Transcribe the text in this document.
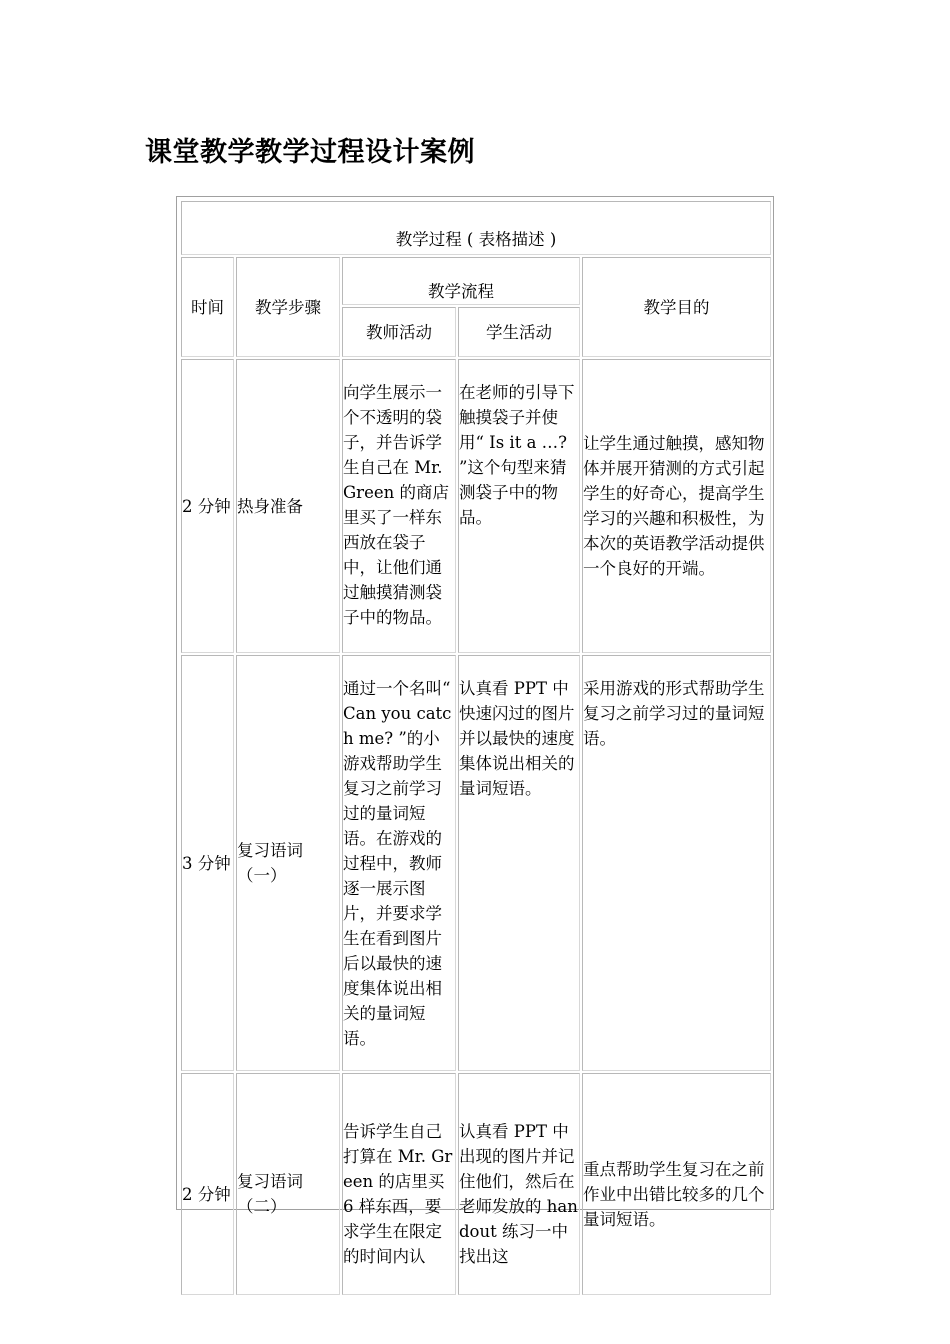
课堂教学教学过程设计案例
教学过程 ( 表格描述 )				
时间	教学步骤	教学流程		教学目的
		教师活动	学生活动	
2 分钟	热身准备	向学生展示一个不透明的袋子，并告诉学生自己在 Mr. Green 的商店里买了一样东西放在袋子中，让他们通过触摸猜测袋子中的物品。	在老师的引导下触摸袋子并使用“ Is it a …? ”这个句型来猜测袋子中的物品。	让学生通过触摸，感知物体并展开猜测的方式引起学生的好奇心，提高学生学习的兴趣和积极性，为本次的英语教学活动提供一个良好的开端。
3 分钟	复习语词（一）	通过一个名叫“ Can you catch me? ”的小游戏帮助学生复习之前学习过的量词短语。在游戏的过程中，教师逐一展示图片，并要求学生在看到图片后以最快的速度集体说出相关的量词短语。	认真看 PPT 中快速闪过的图片并以最快的速度集体说出相关的量词短语。	采用游戏的形式帮助学生复习之前学习过的量词短语。
2 分钟	复习语词（二）	告诉学生自己打算在 Mr. Green 的店里买 6 样东西，要求学生在限定的时间内认	认真看 PPT 中出现的图片并记住他们，然后在老师发放的 handout 练习一中找出这	重点帮助学生复习在之前作业中出错比较多的几个量词短语。
